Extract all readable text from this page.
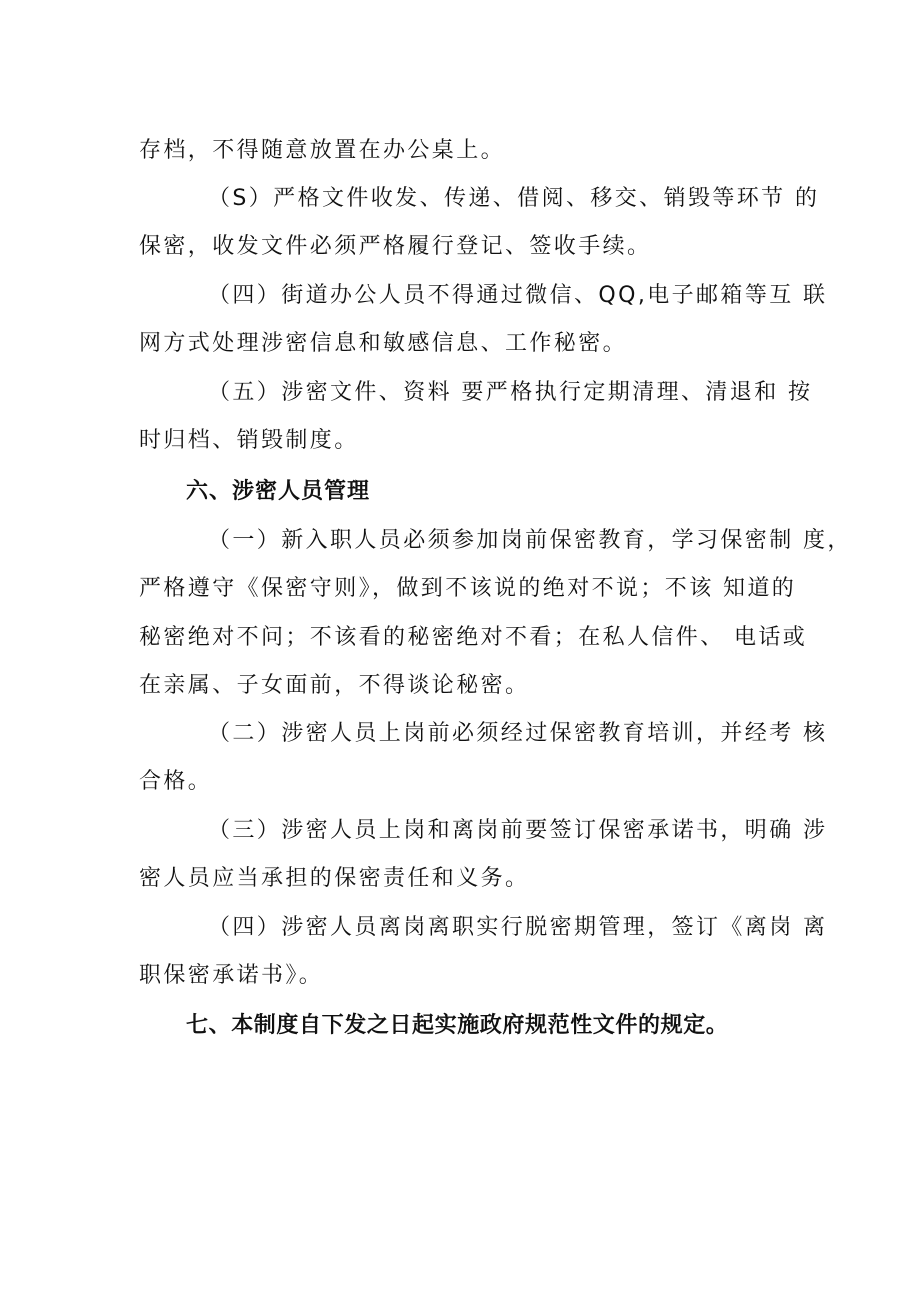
存档，不得随意放置在办公桌上。
（S）严格文件收发、传递、借阅、移交、销毁等环节 的
保密，收发文件必须严格履行登记、签收手续。
（四）街道办公人员不得通过微信、QQ,电子邮箱等互 联
网方式处理涉密信息和敏感信息、工作秘密。
（五）涉密文件、资料 要严格执行定期清理、清退和 按
时归档、销毁制度。
六、涉密人员管理
（一）新入职人员必须参加岗前保密教育，学习保密制 度，
严格遵守《保密守则》，做到不该说的绝对不说；不该 知道的
秘密绝对不问；不该看的秘密绝对不看；在私人信件、 电话或
在亲属、子女面前，不得谈论秘密。
（二）涉密人员上岗前必须经过保密教育培训，并经考 核
合格。
（三）涉密人员上岗和离岗前要签订保密承诺书，明确 涉
密人员应当承担的保密责任和义务。
（四）涉密人员离岗离职实行脱密期管理，签订《离岗 离
职保密承诺书》。
七、本制度自下发之日起实施政府规范性文件的规定。
